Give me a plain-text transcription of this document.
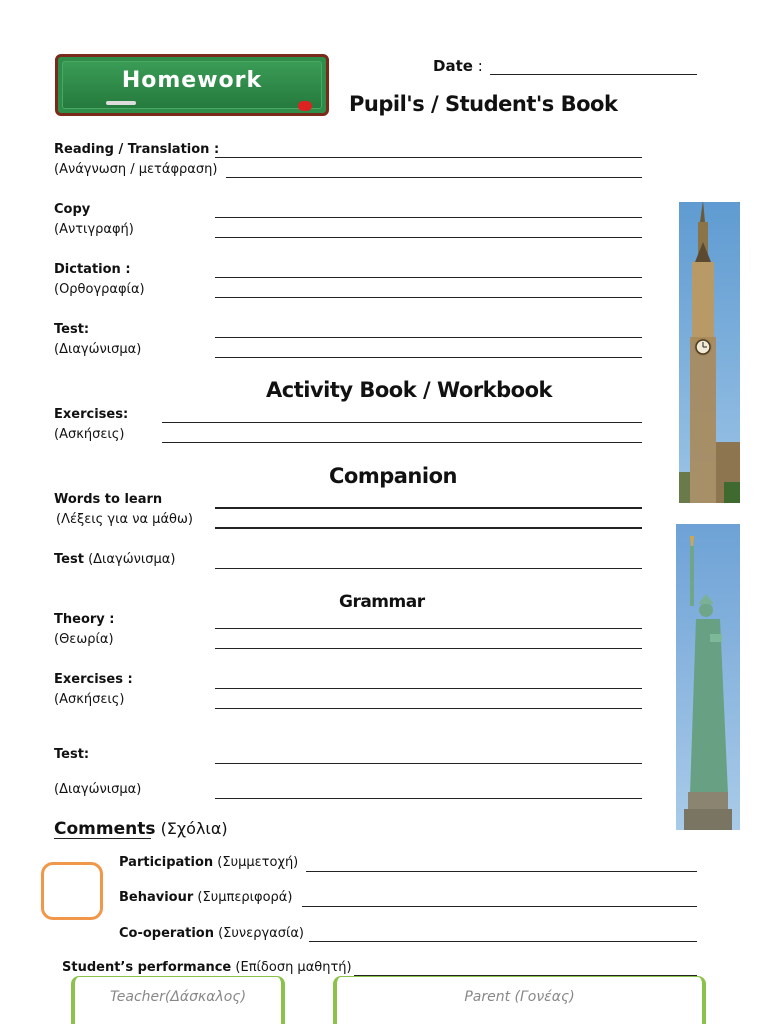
Homework
Date :
Pupil's / Student's Book
Reading / Translation :
(Ανάγνωση / μετάφραση)
Copy
(Αντιγραφή)
Dictation :
(Ορθογραφία)
Test:
(Διαγώνισμα)
Activity Book / Workbook
Exercises:
(Ασκήσεις)
Companion
Words to learn
(Λέξεις για να μάθω)
Test (Διαγώνισμα)
Grammar
Theory :
(Θεωρία)
Exercises :
(Ασκήσεις)
Test:
(Διαγώνισμα)
Comments (Σχόλια)
Participation (Συμμετοχή)
Behaviour (Συμπεριφορά)
Co-operation (Συνεργασία)
Student’s performance (Επίδοση μαθητή)
Teacher(Δάσκαλος)	Parent (Γονέας)
